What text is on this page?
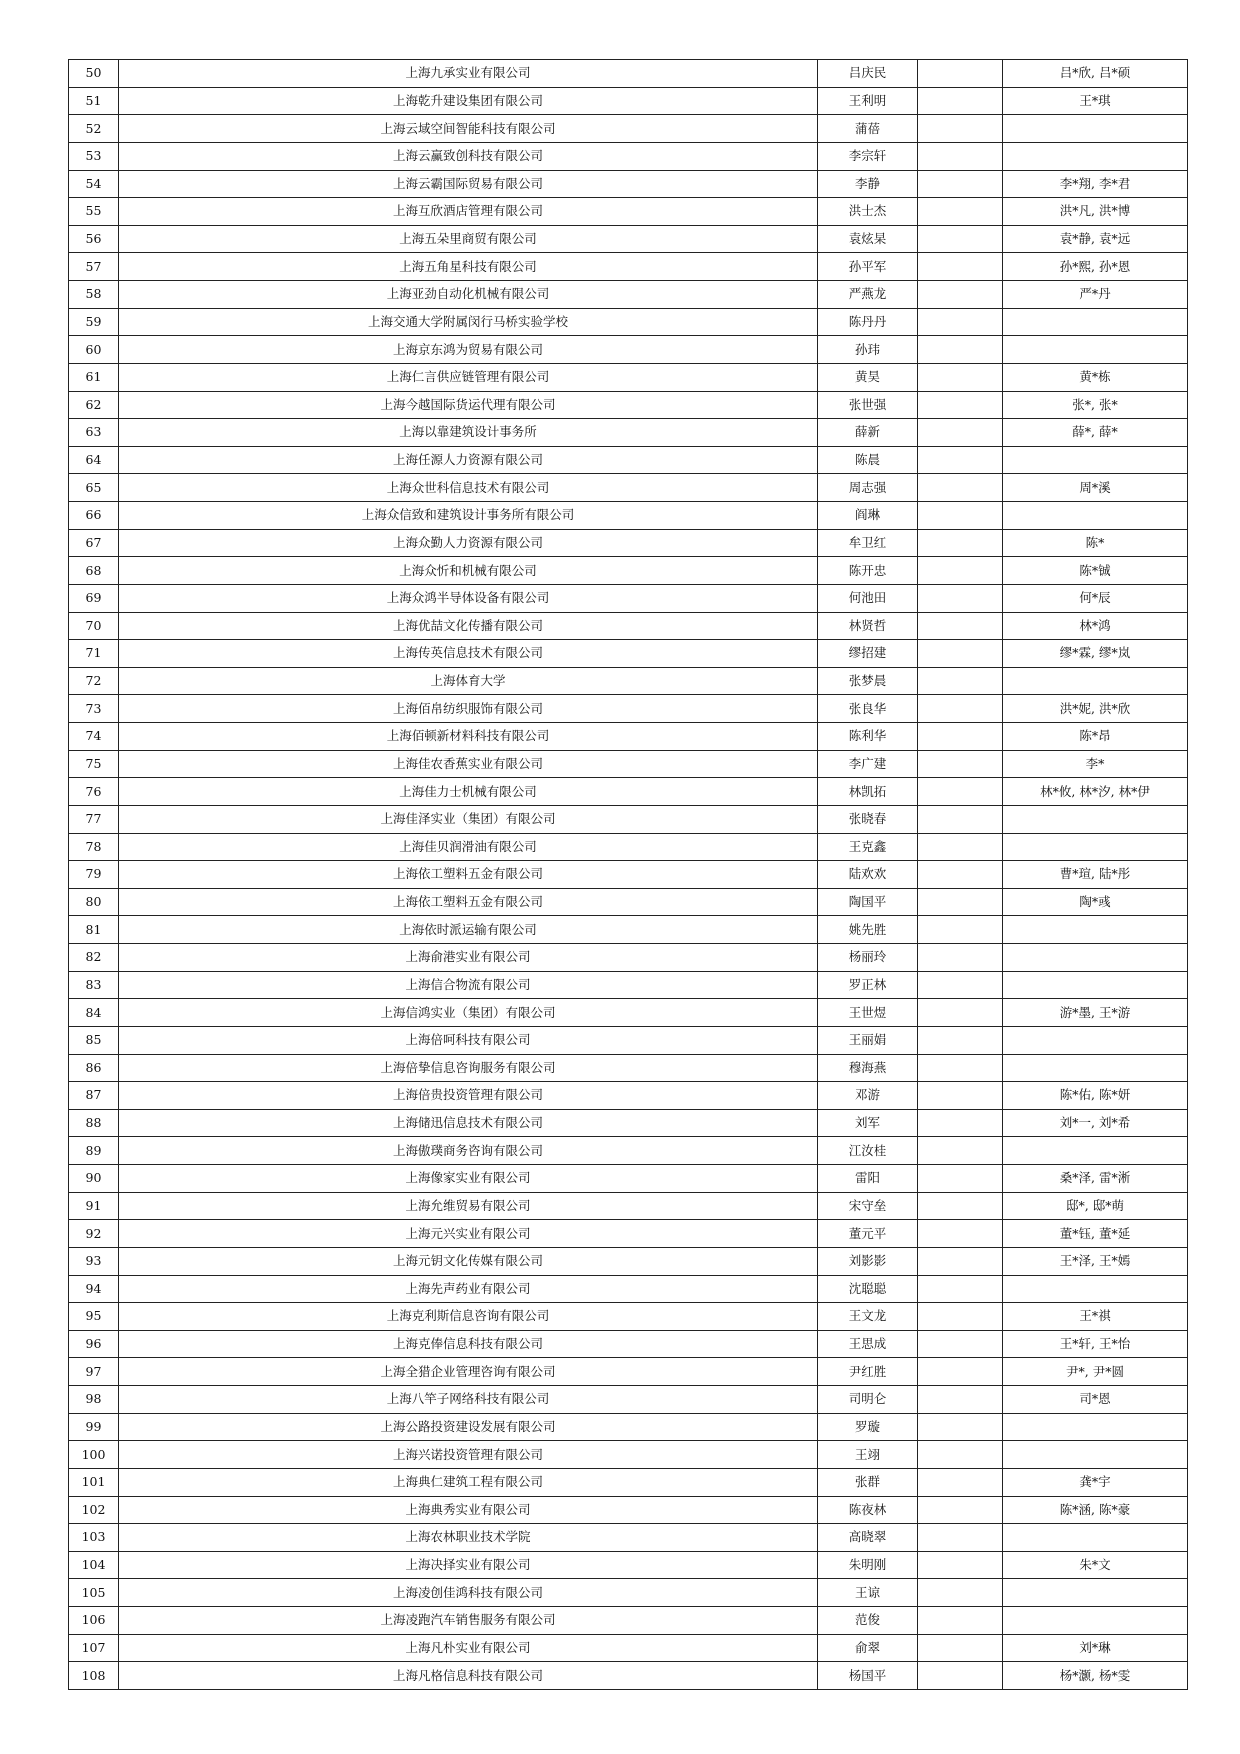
50	上海九承实业有限公司	吕庆民		吕*欣, 吕*硕
51	上海乾升建设集团有限公司	王利明		王*琪
52	上海云域空间智能科技有限公司	蒲蓓		
53	上海云赢致创科技有限公司	李宗轩		
54	上海云霸国际贸易有限公司	李静		李*翔, 李*君
55	上海互欣酒店管理有限公司	洪士杰		洪*凡, 洪*博
56	上海五朵里商贸有限公司	袁炫杲		袁*静, 袁*远
57	上海五角星科技有限公司	孙平军		孙*熙, 孙*恩
58	上海亚劲自动化机械有限公司	严燕龙		严*丹
59	上海交通大学附属闵行马桥实验学校	陈丹丹		
60	上海京东鸿为贸易有限公司	孙玮		
61	上海仁言供应链管理有限公司	黄昊		黄*栋
62	上海今越国际货运代理有限公司	张世强		张*, 张*
63	上海以靠建筑设计事务所	薛新		薛*, 薛*
64	上海任源人力资源有限公司	陈晨		
65	上海众世科信息技术有限公司	周志强		周*溪
66	上海众信致和建筑设计事务所有限公司	阎琳		
67	上海众勤人力资源有限公司	牟卫红		陈*
68	上海众忻和机械有限公司	陈开忠		陈*铖
69	上海众鸿半导体设备有限公司	何池田		何*辰
70	上海优喆文化传播有限公司	林贤哲		林*鸿
71	上海传英信息技术有限公司	缪招建		缪*霖, 缪*岚
72	上海体育大学	张梦晨		
73	上海佰帛纺织服饰有限公司	张良华		洪*妮, 洪*欣
74	上海佰顿新材料科技有限公司	陈利华		陈*昂
75	上海佳农香蕉实业有限公司	李广建		李*
76	上海佳力士机械有限公司	林凯拓		林*攸, 林*汐, 林*伊
77	上海佳泽实业（集团）有限公司	张晓春		
78	上海佳贝润滑油有限公司	王克鑫		
79	上海依工塑料五金有限公司	陆欢欢		曹*瑄, 陆*彤
80	上海依工塑料五金有限公司	陶国平		陶*彧
81	上海依时派运输有限公司	姚先胜		
82	上海俞港实业有限公司	杨丽玲		
83	上海信合物流有限公司	罗正林		
84	上海信鸿实业（集团）有限公司	王世煜		游*墨, 王*游
85	上海倍呵科技有限公司	王丽娟		
86	上海倍挚信息咨询服务有限公司	穆海燕		
87	上海倍贵投资管理有限公司	邓游		陈*佑, 陈*妍
88	上海储迅信息技术有限公司	刘军		刘*一, 刘*希
89	上海傲璞商务咨询有限公司	江汝桂		
90	上海像家实业有限公司	雷阳		桑*泽, 雷*淅
91	上海允维贸易有限公司	宋守垒		邸*, 邸*萌
92	上海元兴实业有限公司	董元平		董*钰, 董*延
93	上海元钥文化传媒有限公司	刘影影		王*泽, 王*嫣
94	上海先声药业有限公司	沈聪聪		
95	上海克利斯信息咨询有限公司	王文龙		王*祺
96	上海克俸信息科技有限公司	王思成		王*轩, 王*怡
97	上海全猎企业管理咨询有限公司	尹红胜		尹*, 尹*圆
98	上海八竿子网络科技有限公司	司明仑		司*恩
99	上海公路投资建设发展有限公司	罗璇		
100	上海兴诺投资管理有限公司	王翊		
101	上海典仁建筑工程有限公司	张群		龚*宇
102	上海典秀实业有限公司	陈夜林		陈*涵, 陈*豪
103	上海农林职业技术学院	高晓翠		
104	上海决择实业有限公司	朱明刚		朱*文
105	上海凌创佳鸿科技有限公司	王谅		
106	上海凌跑汽车销售服务有限公司	范俊		
107	上海凡朴实业有限公司	俞翠		刘*琳
108	上海凡格信息科技有限公司	杨国平		杨*灏, 杨*雯
